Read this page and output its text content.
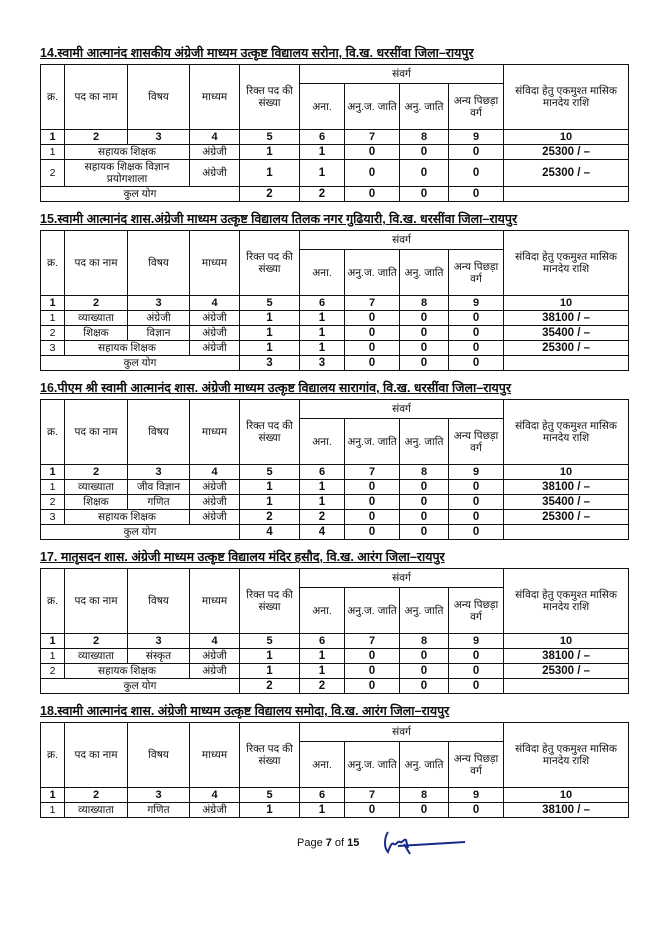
14.स्वामी आत्मानंद शासकीय अंग्रेजी माध्यम उत्कृष्ट विद्यालय सरोना, वि.ख. धरसींवा जिला–रायपुर
क्र.	पद का नाम	विषय	माध्यम	रिक्त पद की संख्या	संवर्ग				संविदा हेतु एकमुश्त मासिक मानदेय राशि
					अना.	अनु.ज. जाति	अनु. जाति	अन्य पिछड़ा वर्ग	
1	2	3	4	5	6	7	8	9	10
1	सहायक शिक्षक		अंग्रेजी	1	1	0	0	0	25300 / –
2	सहायक शिक्षक विज्ञान प्रयोगशाला		अंग्रेजी	1	1	0	0	0	25300 / –
कुल योग				2	2	0	0	0	
15.स्वामी आत्मानंद शास.अंग्रेजी माध्यम उत्कृष्ट विद्यालय तिलक नगर गुढियारी, वि.ख. धरसींवा जिला–रायपुर
क्र.	पद का नाम	विषय	माध्यम	रिक्त पद की संख्या	संवर्ग				संविदा हेतु एकमुश्त मासिक मानदेय राशि
					अना.	अनु.ज. जाति	अनु. जाति	अन्य पिछड़ा वर्ग	
1	2	3	4	5	6	7	8	9	10
1	व्याख्याता	अंग्रेजी	अंग्रेजी	1	1	0	0	0	38100 / –
2	शिक्षक	विज्ञान	अंग्रेजी	1	1	0	0	0	35400 / –
3	सहायक शिक्षक		अंग्रेजी	1	1	0	0	0	25300 / –
कुल योग				3	3	0	0	0	
16.पीएम श्री स्वामी आत्मानंद शास. अंग्रेजी माध्यम उत्कृष्ट विद्यालय सारागांव, वि.ख. धरसींवा जिला–रायपुर
क्र.	पद का नाम	विषय	माध्यम	रिक्त पद की संख्या	संवर्ग				संविदा हेतु एकमुश्त मासिक मानदेय राशि
					अना.	अनु.ज. जाति	अनु. जाति	अन्य पिछड़ा वर्ग	
1	2	3	4	5	6	7	8	9	10
1	व्याख्याता	जीव विज्ञान	अंग्रेजी	1	1	0	0	0	38100 / –
2	शिक्षक	गणित	अंग्रेजी	1	1	0	0	0	35400 / –
3	सहायक शिक्षक		अंग्रेजी	2	2	0	0	0	25300 / –
कुल योग				4	4	0	0	0	
17. मातृसदन शास. अंग्रेजी माध्यम उत्कृष्ट विद्यालय मंदिर हसौद, वि.ख. आरंग जिला–रायपुर
क्र.	पद का नाम	विषय	माध्यम	रिक्त पद की संख्या	संवर्ग				संविदा हेतु एकमुश्त मासिक मानदेय राशि
					अना.	अनु.ज. जाति	अनु. जाति	अन्य पिछड़ा वर्ग	
1	2	3	4	5	6	7	8	9	10
1	व्याख्याता	संस्कृत	अंग्रेजी	1	1	0	0	0	38100 / –
2	सहायक शिक्षक		अंग्रेजी	1	1	0	0	0	25300 / –
कुल योग				2	2	0	0	0	
18.स्वामी आत्मानंद शास. अंग्रेजी माध्यम उत्कृष्ट विद्यालय समोदा, वि.ख. आरंग जिला–रायपुर
क्र.	पद का नाम	विषय	माध्यम	रिक्त पद की संख्या	संवर्ग				संविदा हेतु एकमुश्त मासिक मानदेय राशि
					अना.	अनु.ज. जाति	अनु. जाति	अन्य पिछड़ा वर्ग	
1	2	3	4	5	6	7	8	9	10
1	व्याख्याता	गणित	अंग्रेजी	1	1	0	0	0	38100 / –
Page 7 of 15
